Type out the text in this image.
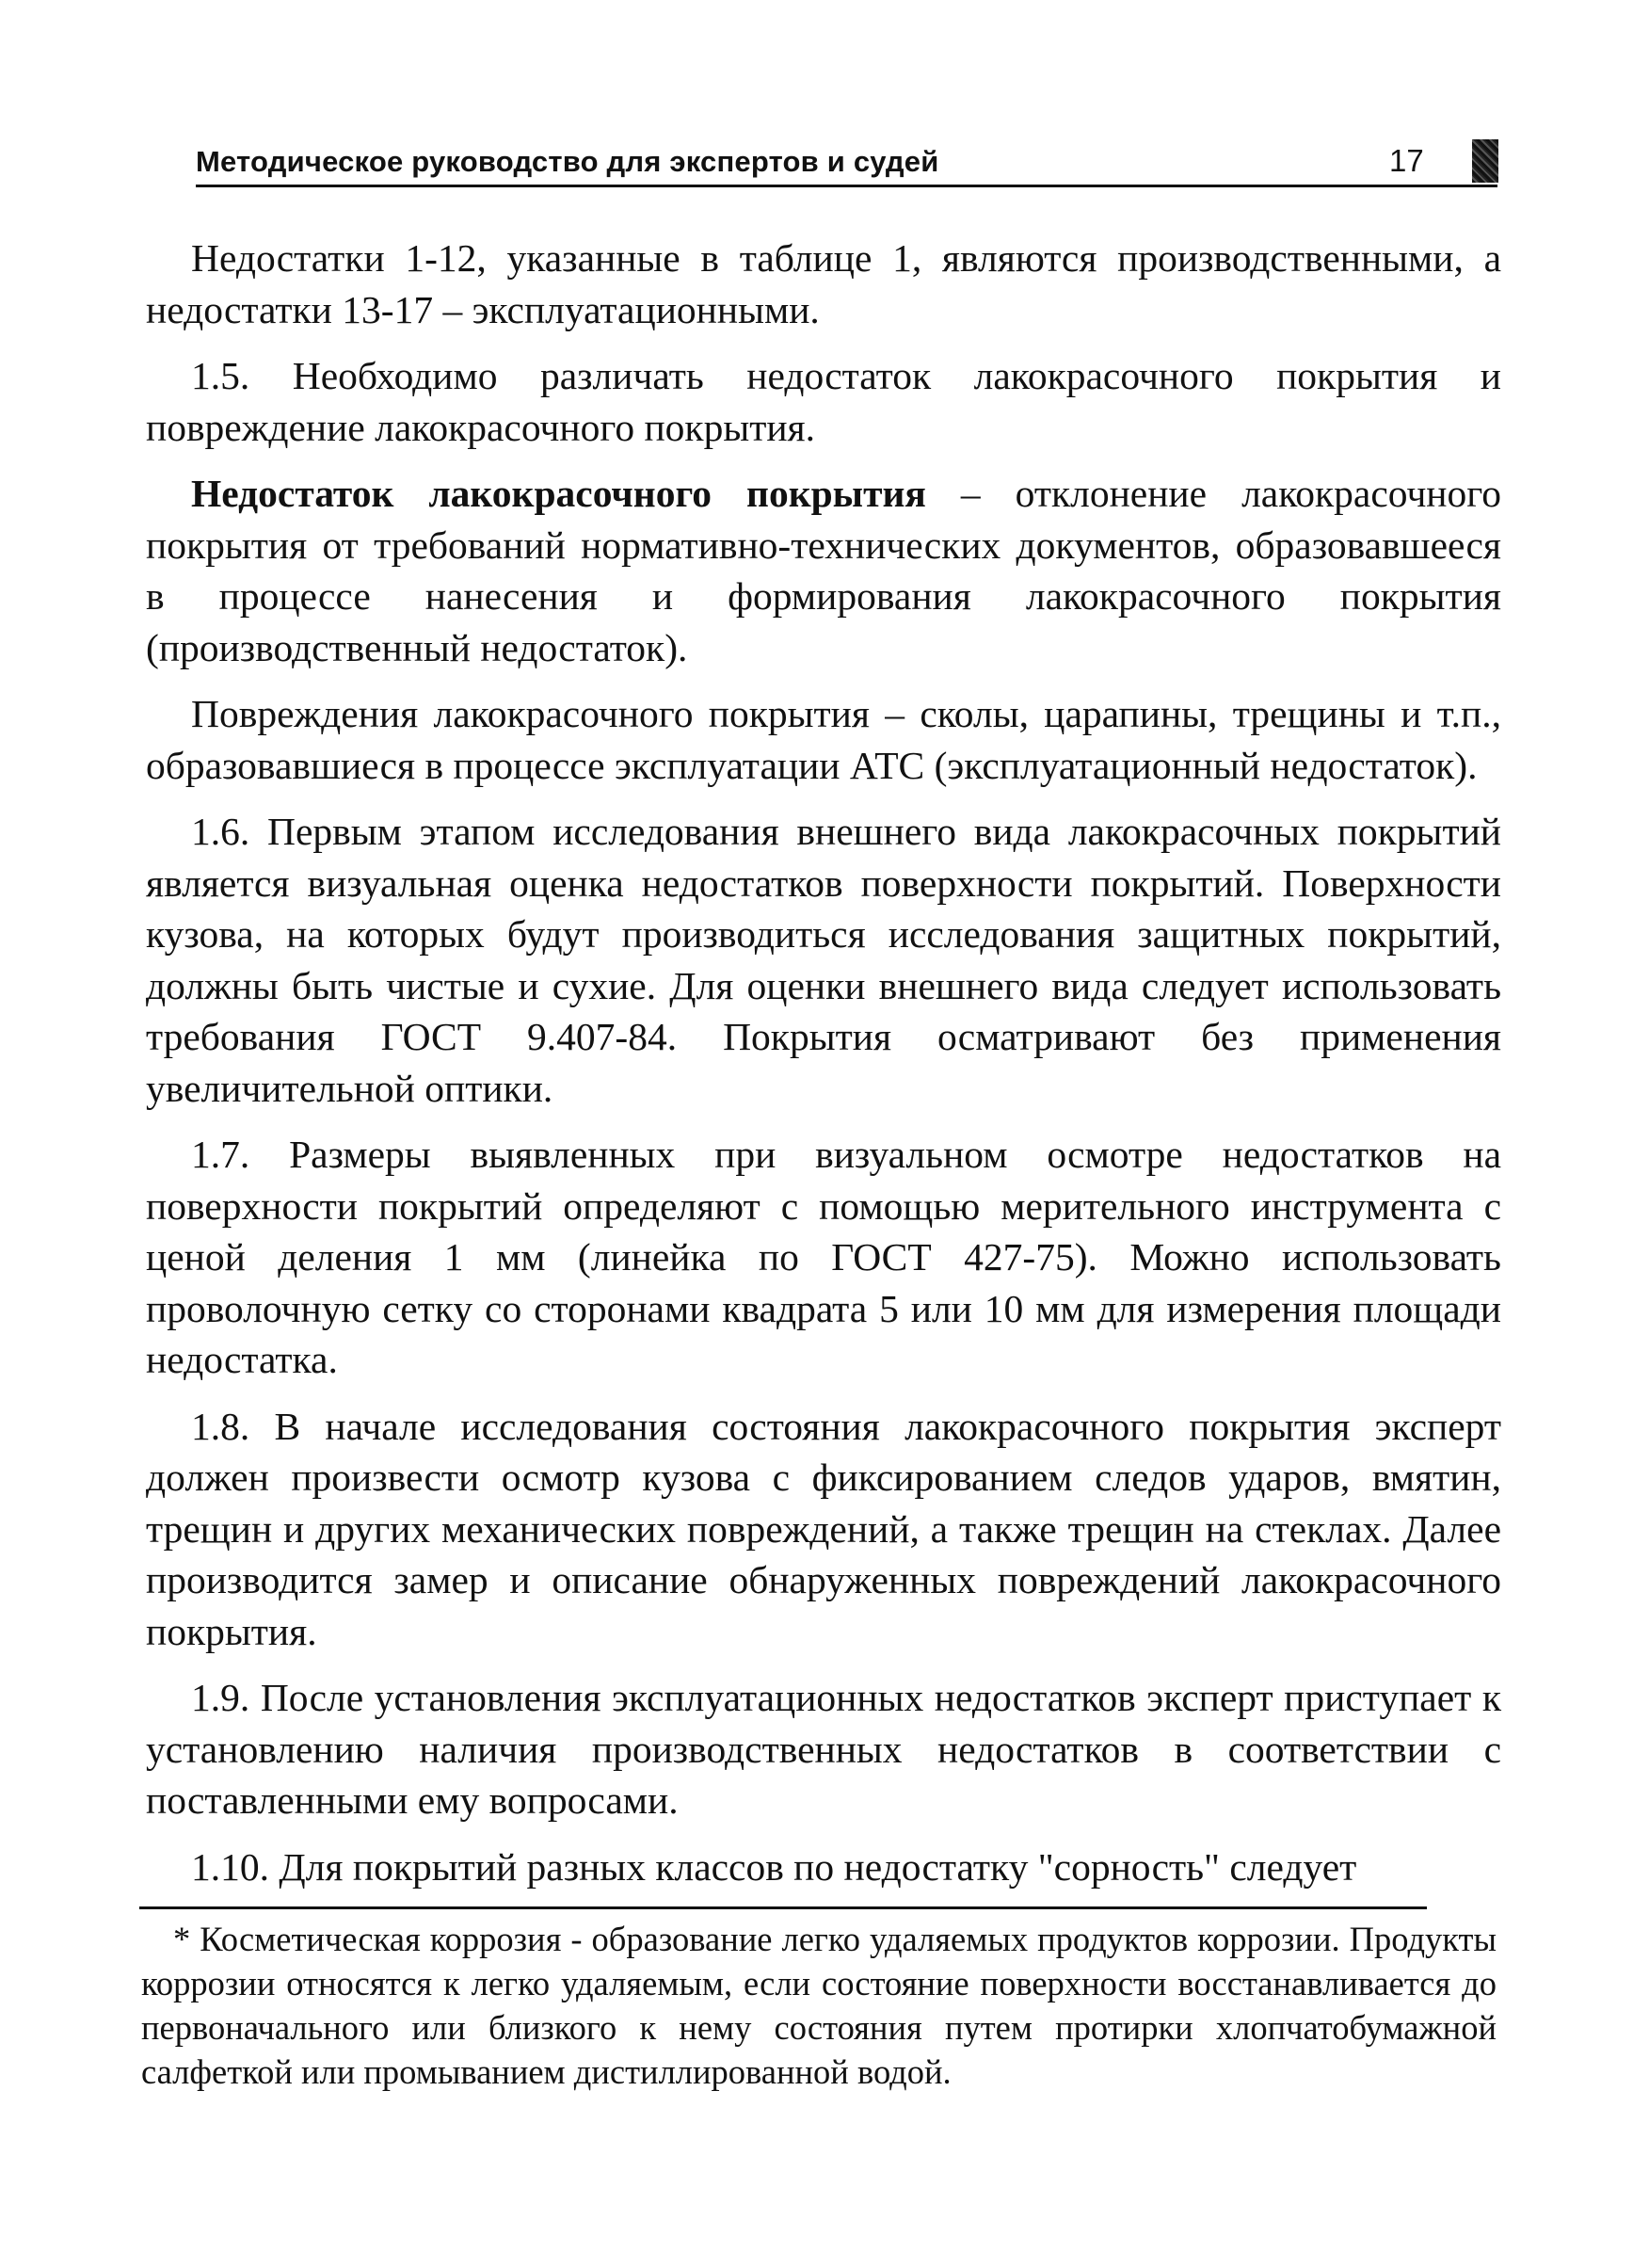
Методическое руководство для экспертов и судей	17

Недостатки 1-12, указанные в таблице 1, являются производственными, а недостатки 13-17 – эксплуатационными.

1.5. Необходимо различать недостаток лакокрасочного покрытия и повреждение лакокрасочного покрытия.

Недостаток лакокрасочного покрытия – отклонение лакокрасочного покрытия от требований нормативно-технических документов, образовавшееся в процессе нанесения и формирования лакокрасочного покрытия (производственный недостаток).

Повреждения лакокрасочного покрытия – сколы, царапины, трещины и т.п., образовавшиеся в процессе эксплуатации АТС (эксплуатационный недостаток).

1.6. Первым этапом исследования внешнего вида лакокрасочных покрытий является визуальная оценка недостатков поверхности покрытий. Поверхности кузова, на которых будут производиться исследования защитных покрытий, должны быть чистые и сухие. Для оценки внешнего вида следует использовать требования ГОСТ 9.407-84. Покрытия осматривают без применения увеличительной оптики.

1.7. Размеры выявленных при визуальном осмотре недостатков на поверхности покрытий определяют с помощью мерительного инструмента с ценой деления 1 мм (линейка по ГОСТ 427-75). Можно использовать проволочную сетку со сторонами квадрата 5 или 10 мм для измерения площади недостатка.

1.8. В начале исследования состояния лакокрасочного покрытия эксперт должен произвести осмотр кузова с фиксированием следов ударов, вмятин, трещин и других механических повреждений, а также трещин на стеклах. Далее производится замер и описание обнаруженных повреждений лакокрасочного покрытия.

1.9. После установления эксплуатационных недостатков эксперт приступает к установлению наличия производственных недостатков в соответствии с поставленными ему вопросами.

1.10. Для покрытий разных классов по недостатку "сорность" следует

* Косметическая коррозия - образование легко удаляемых продуктов коррозии. Продукты коррозии относятся к легко удаляемым, если состояние поверхности восстанавливается до первоначального или близкого к нему состояния путем протирки хлопчатобумажной салфеткой или промыванием дистиллированной водой.
